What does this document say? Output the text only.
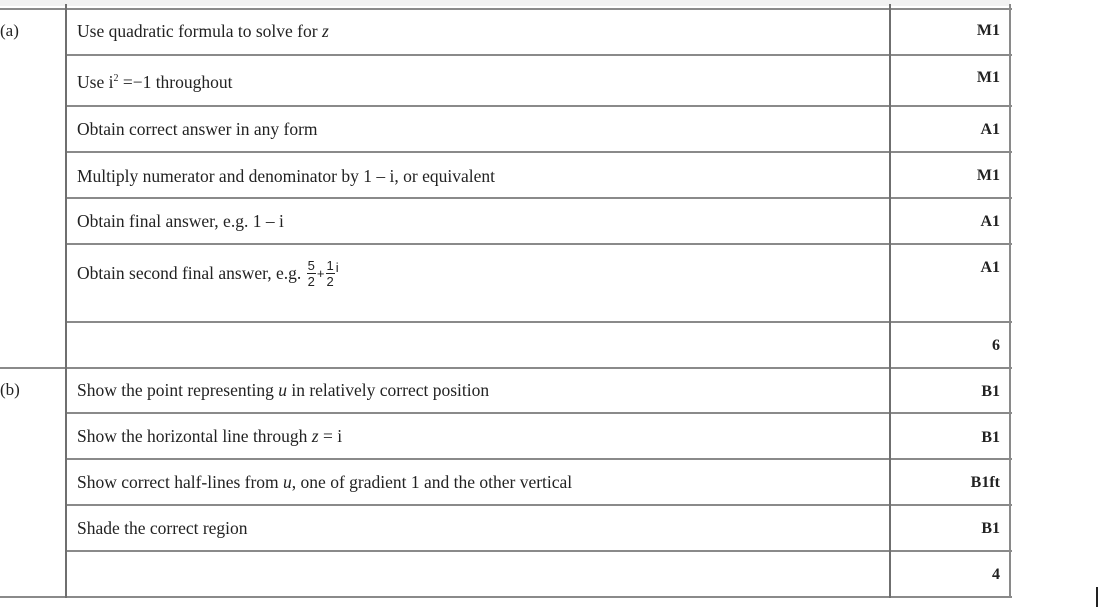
(a)	Use quadratic formula to solve for z	M1
Use $i^2 =-1$ throughout	M1
Obtain correct answer in any form	A1
Multiply numerator and denominator by 1 – i, or equivalent	M1
Obtain final answer, e.g. 1 – i	A1
Obtain second final answer, e.g. $\frac{5}{2} + \frac{1}{2} ^i$	A1
6
(b)	Show the point representing u in relatively correct position	B1
Show the horizontal line through z = i	B1
Show correct half-lines from u, one of gradient 1 and the other vertical	B1ft
Shade the correct region	B1
4
